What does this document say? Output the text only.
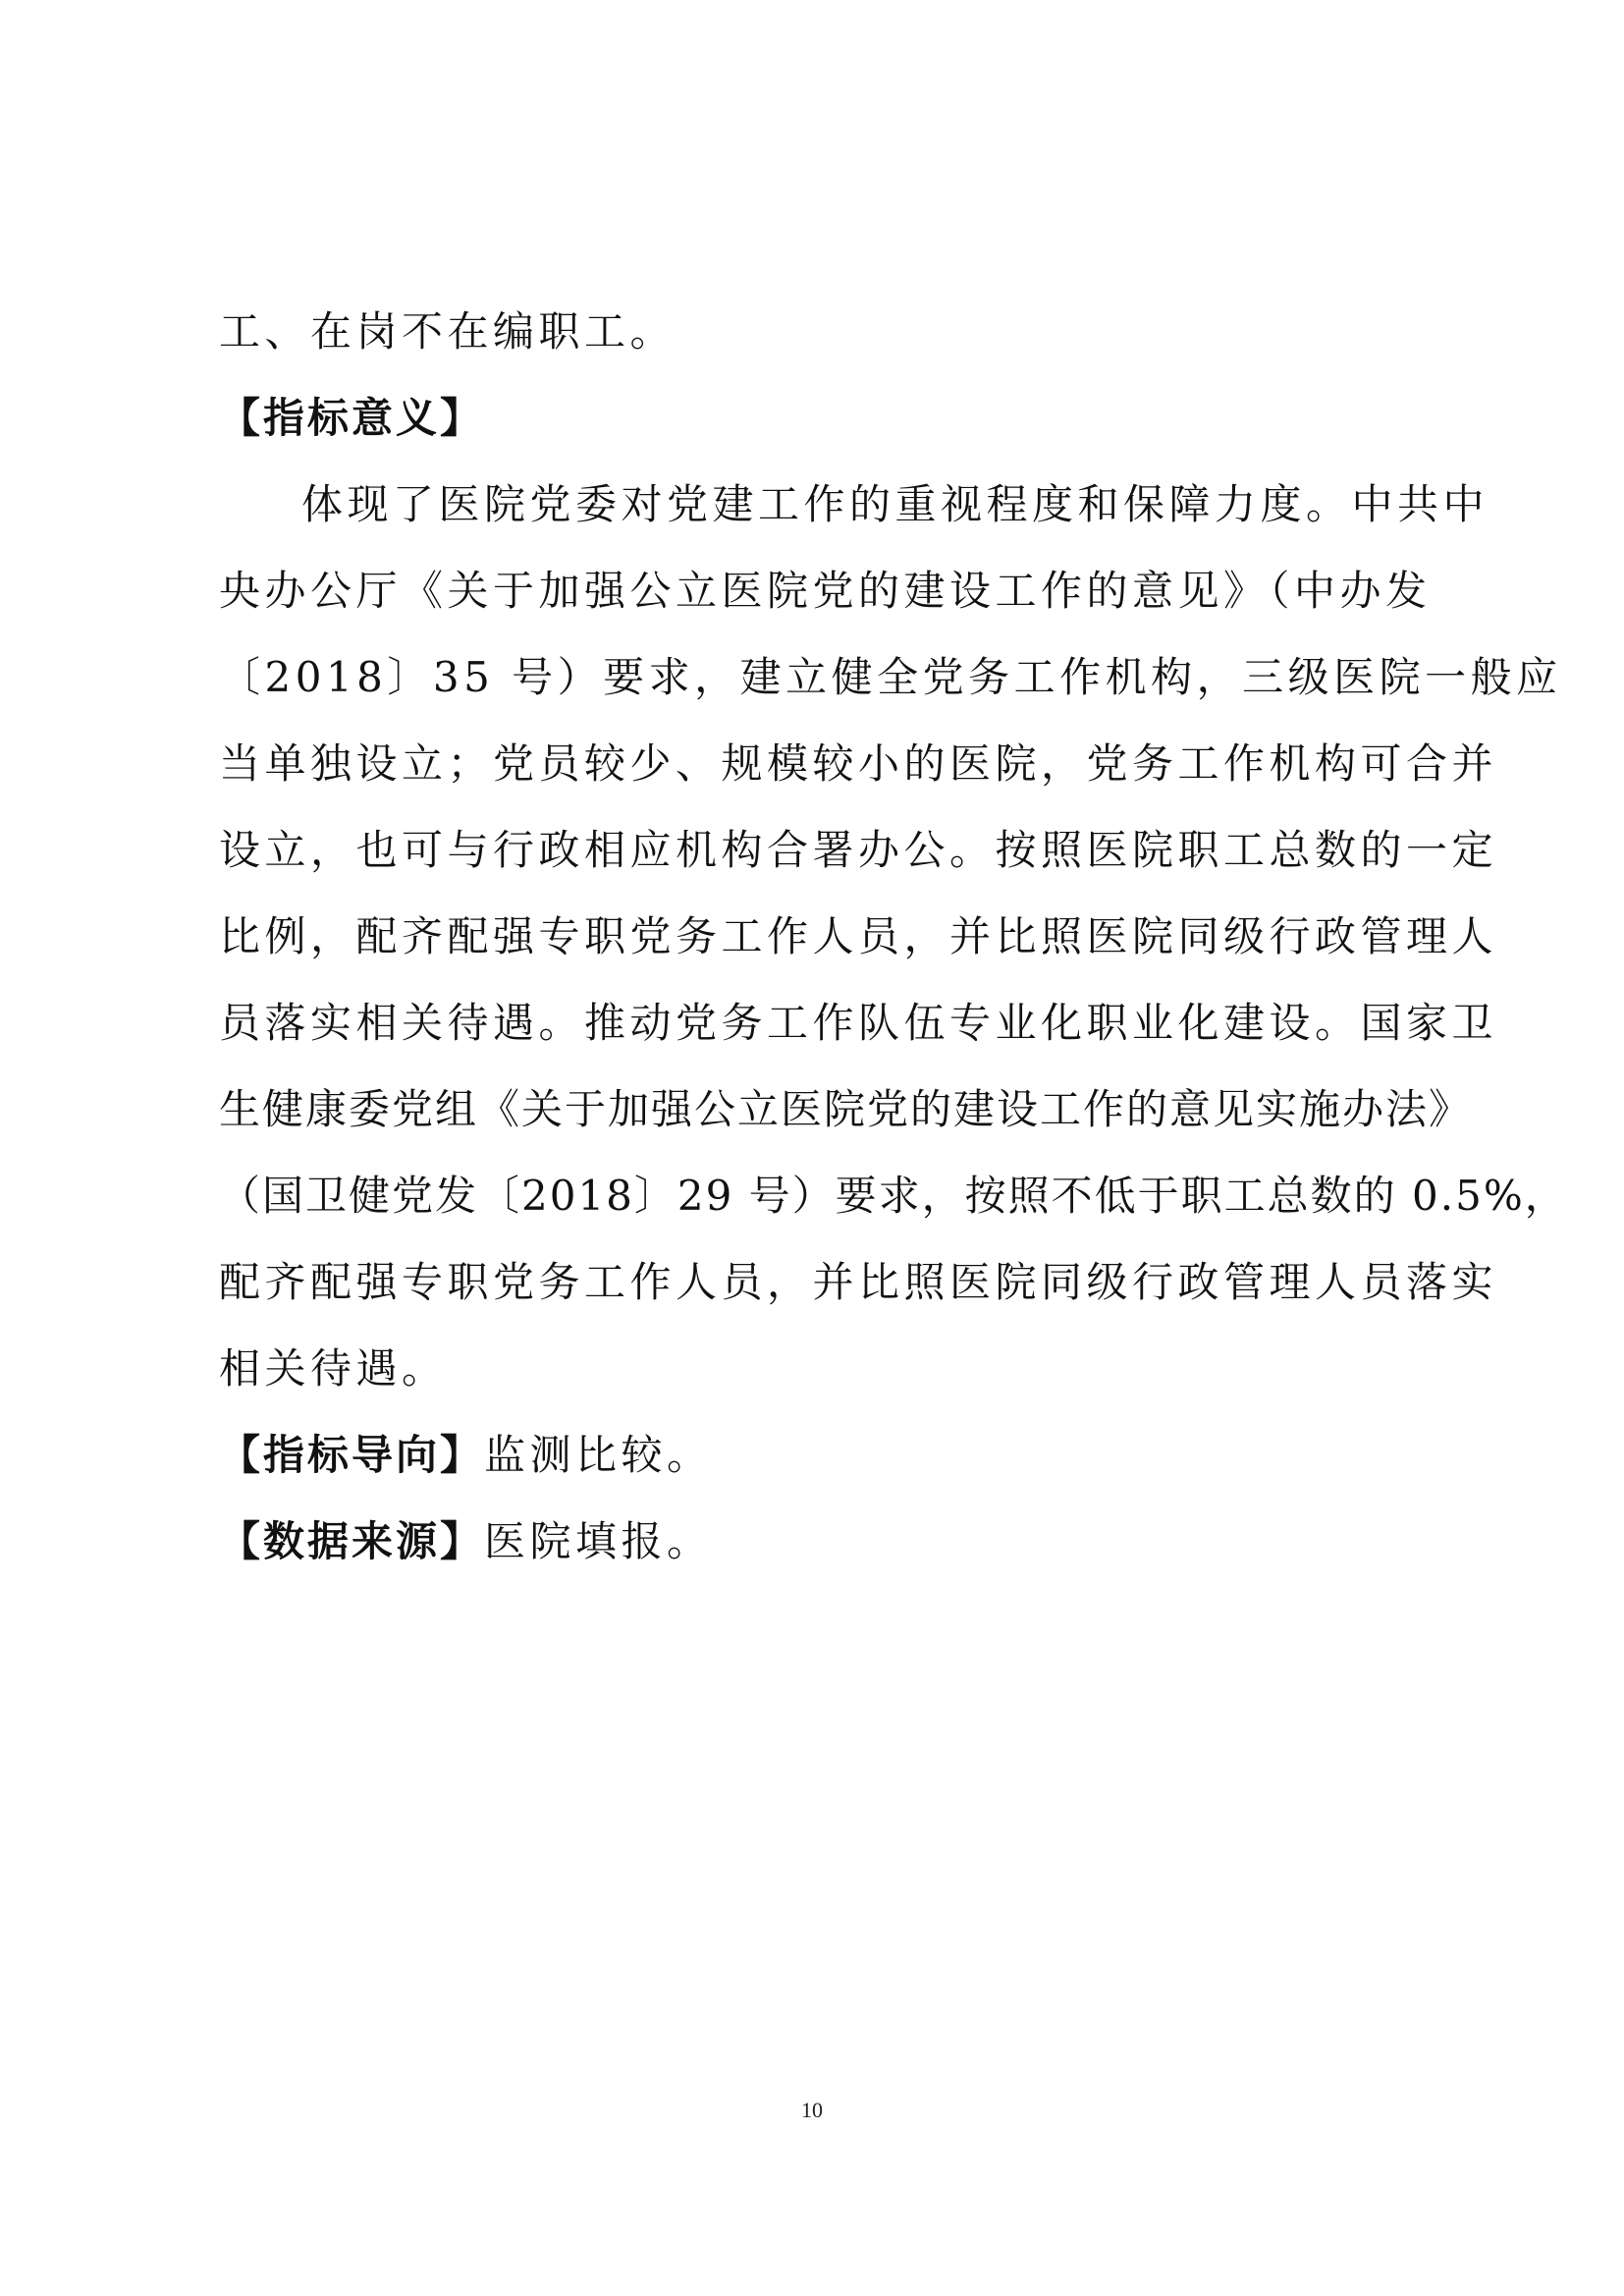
工、在岗不在编职工。
【指标意义】
体现了医院党委对党建工作的重视程度和保障力度。中共中
央办公厅《关于加强公立医院党的建设工作的意见》（中办发
〔2018〕35 号）要求，建立健全党务工作机构，三级医院一般应
当单独设立；党员较少、规模较小的医院，党务工作机构可合并
设立，也可与行政相应机构合署办公。按照医院职工总数的一定
比例，配齐配强专职党务工作人员，并比照医院同级行政管理人
员落实相关待遇。推动党务工作队伍专业化职业化建设。国家卫
生健康委党组《关于加强公立医院党的建设工作的意见实施办法》
（国卫健党发〔2018〕29 号）要求，按照不低于职工总数的 0.5%，
配齐配强专职党务工作人员，并比照医院同级行政管理人员落实
相关待遇。
【指标导向】监测比较。
【数据来源】医院填报。
10
